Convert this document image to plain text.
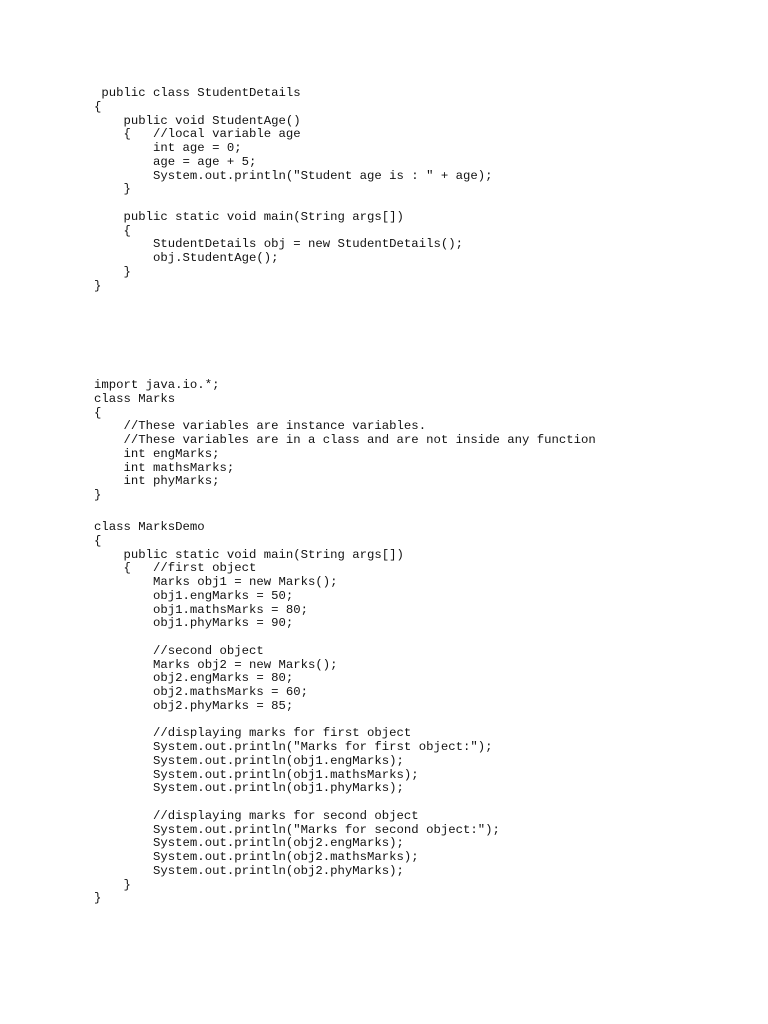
public class StudentDetails
{
public void StudentAge()
{   //local variable age
int age = 0;
age = age + 5;
System.out.println("Student age is : " + age);
}
public static void main(String args[])
{
StudentDetails obj = new StudentDetails();
obj.StudentAge();
}
}
import java.io.*;
class Marks
{
//These variables are instance variables.
//These variables are in a class and are not inside any function
int engMarks;
int mathsMarks;
int phyMarks;
}
class MarksDemo
{
public static void main(String args[])
{   //first object
Marks obj1 = new Marks();
obj1.engMarks = 50;
obj1.mathsMarks = 80;
obj1.phyMarks = 90;
//second object
Marks obj2 = new Marks();
obj2.engMarks = 80;
obj2.mathsMarks = 60;
obj2.phyMarks = 85;
//displaying marks for first object
System.out.println("Marks for first object:");
System.out.println(obj1.engMarks);
System.out.println(obj1.mathsMarks);
System.out.println(obj1.phyMarks);
//displaying marks for second object
System.out.println("Marks for second object:");
System.out.println(obj2.engMarks);
System.out.println(obj2.mathsMarks);
System.out.println(obj2.phyMarks);
}
}
